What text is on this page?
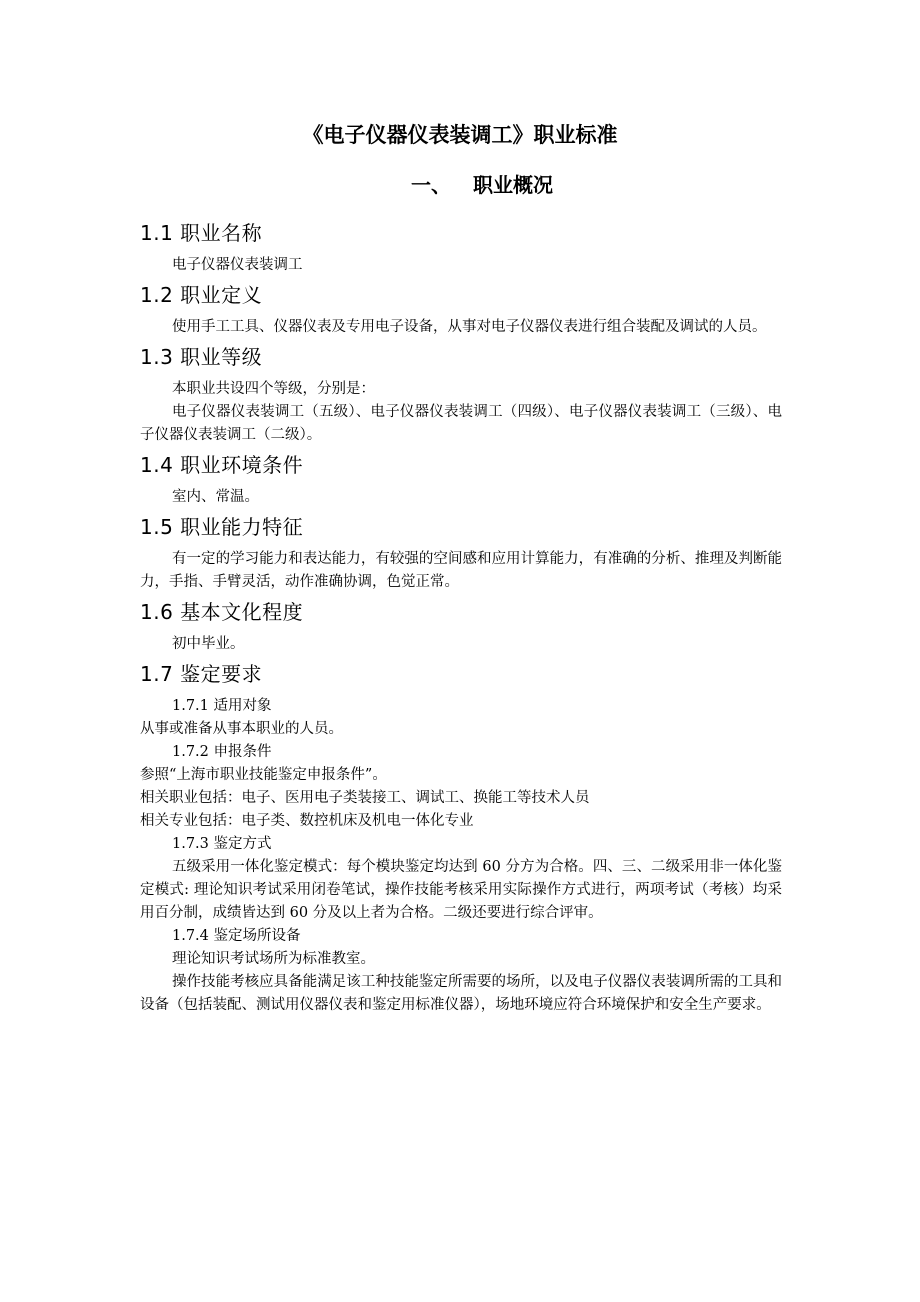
《电子仪器仪表装调工》职业标准
一、 职业概况
1.1 职业名称

电子仪器仪表装调工

1.2 职业定义

使用手工工具、仪器仪表及专用电子设备，从事对电子仪器仪表进行组合装配及调试的人员。

1.3 职业等级

本职业共设四个等级，分别是：

电子仪器仪表装调工（五级）、电子仪器仪表装调工（四级）、电子仪器仪表装调工（三级）、电子仪器仪表装调工（二级）。

1.4 职业环境条件

室内、常温。

1.5 职业能力特征

有一定的学习能力和表达能力，有较强的空间感和应用计算能力，有准确的分析、推理及判断能力，手指、手臂灵活，动作准确协调，色觉正常。

1.6 基本文化程度

初中毕业。

1.7 鉴定要求

1.7.1 适用对象

从事或准备从事本职业的人员。

1.7.2 申报条件

参照“上海市职业技能鉴定申报条件”。

相关职业包括：电子、医用电子类装接工、调试工、换能工等技术人员

相关专业包括：电子类、数控机床及机电一体化专业

1.7.3 鉴定方式

五级采用一体化鉴定模式：每个模块鉴定均达到 60 分方为合格。四、三、二级采用非一体化鉴定模式: 理论知识考试采用闭卷笔试，操作技能考核采用实际操作方式进行，两项考试（考核）均采用百分制，成绩皆达到 60 分及以上者为合格。二级还要进行综合评审。

1.7.4 鉴定场所设备

理论知识考试场所为标准教室。

操作技能考核应具备能满足该工种技能鉴定所需要的场所，以及电子仪器仪表装调所需的工具和设备（包括装配、测试用仪器仪表和鉴定用标准仪器），场地环境应符合环境保护和安全生产要求。
